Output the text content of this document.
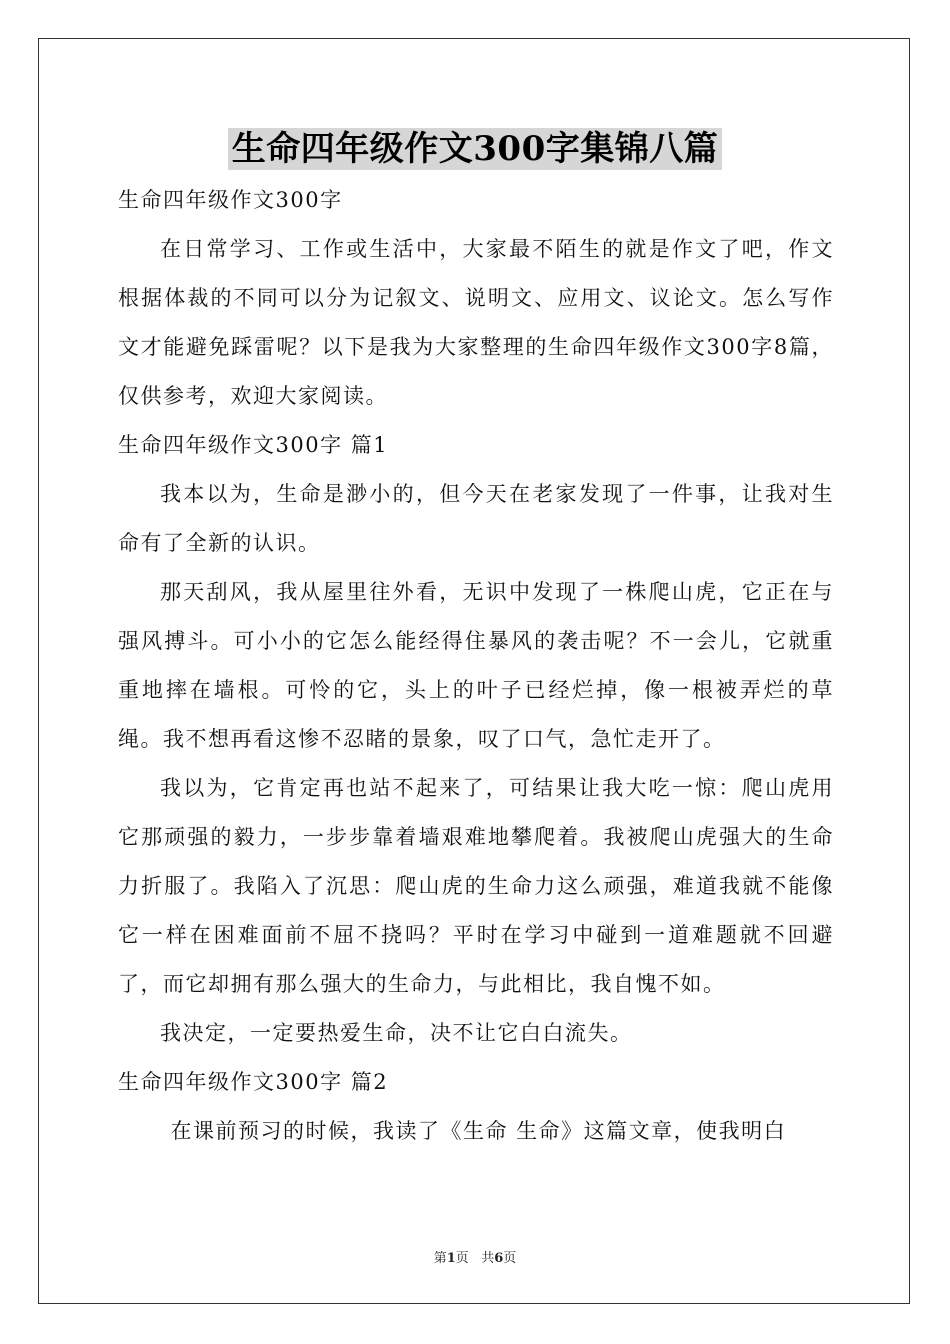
生命四年级作文300字集锦八篇

生命四年级作文300字

在日常学习、工作或生活中，大家最不陌生的就是作文了吧，作文根据体裁的不同可以分为记叙文、说明文、应用文、议论文。怎么写作文才能避免踩雷呢？以下是我为大家整理的生命四年级作文300字8篇，仅供参考，欢迎大家阅读。

生命四年级作文300字 篇1

我本以为，生命是渺小的，但今天在老家发现了一件事，让我对生命有了全新的认识。

那天刮风，我从屋里往外看，无识中发现了一株爬山虎，它正在与强风搏斗。可小小的它怎么能经得住暴风的袭击呢？不一会儿，它就重重地摔在墙根。可怜的它，头上的叶子已经烂掉，像一根被弄烂的草绳。我不想再看这惨不忍睹的景象，叹了口气，急忙走开了。

我以为，它肯定再也站不起来了，可结果让我大吃一惊：爬山虎用它那顽强的毅力，一步步靠着墙艰难地攀爬着。我被爬山虎强大的生命力折服了。我陷入了沉思：爬山虎的生命力这么顽强，难道我就不能像它一样在困难面前不屈不挠吗？平时在学习中碰到一道难题就不回避了，而它却拥有那么强大的生命力，与此相比，我自愧不如。

我决定，一定要热爱生命，决不让它白白流失。

生命四年级作文300字 篇2

在课前预习的时候，我读了《生命 生命》这篇文章，使我明白

第1页 共6页
